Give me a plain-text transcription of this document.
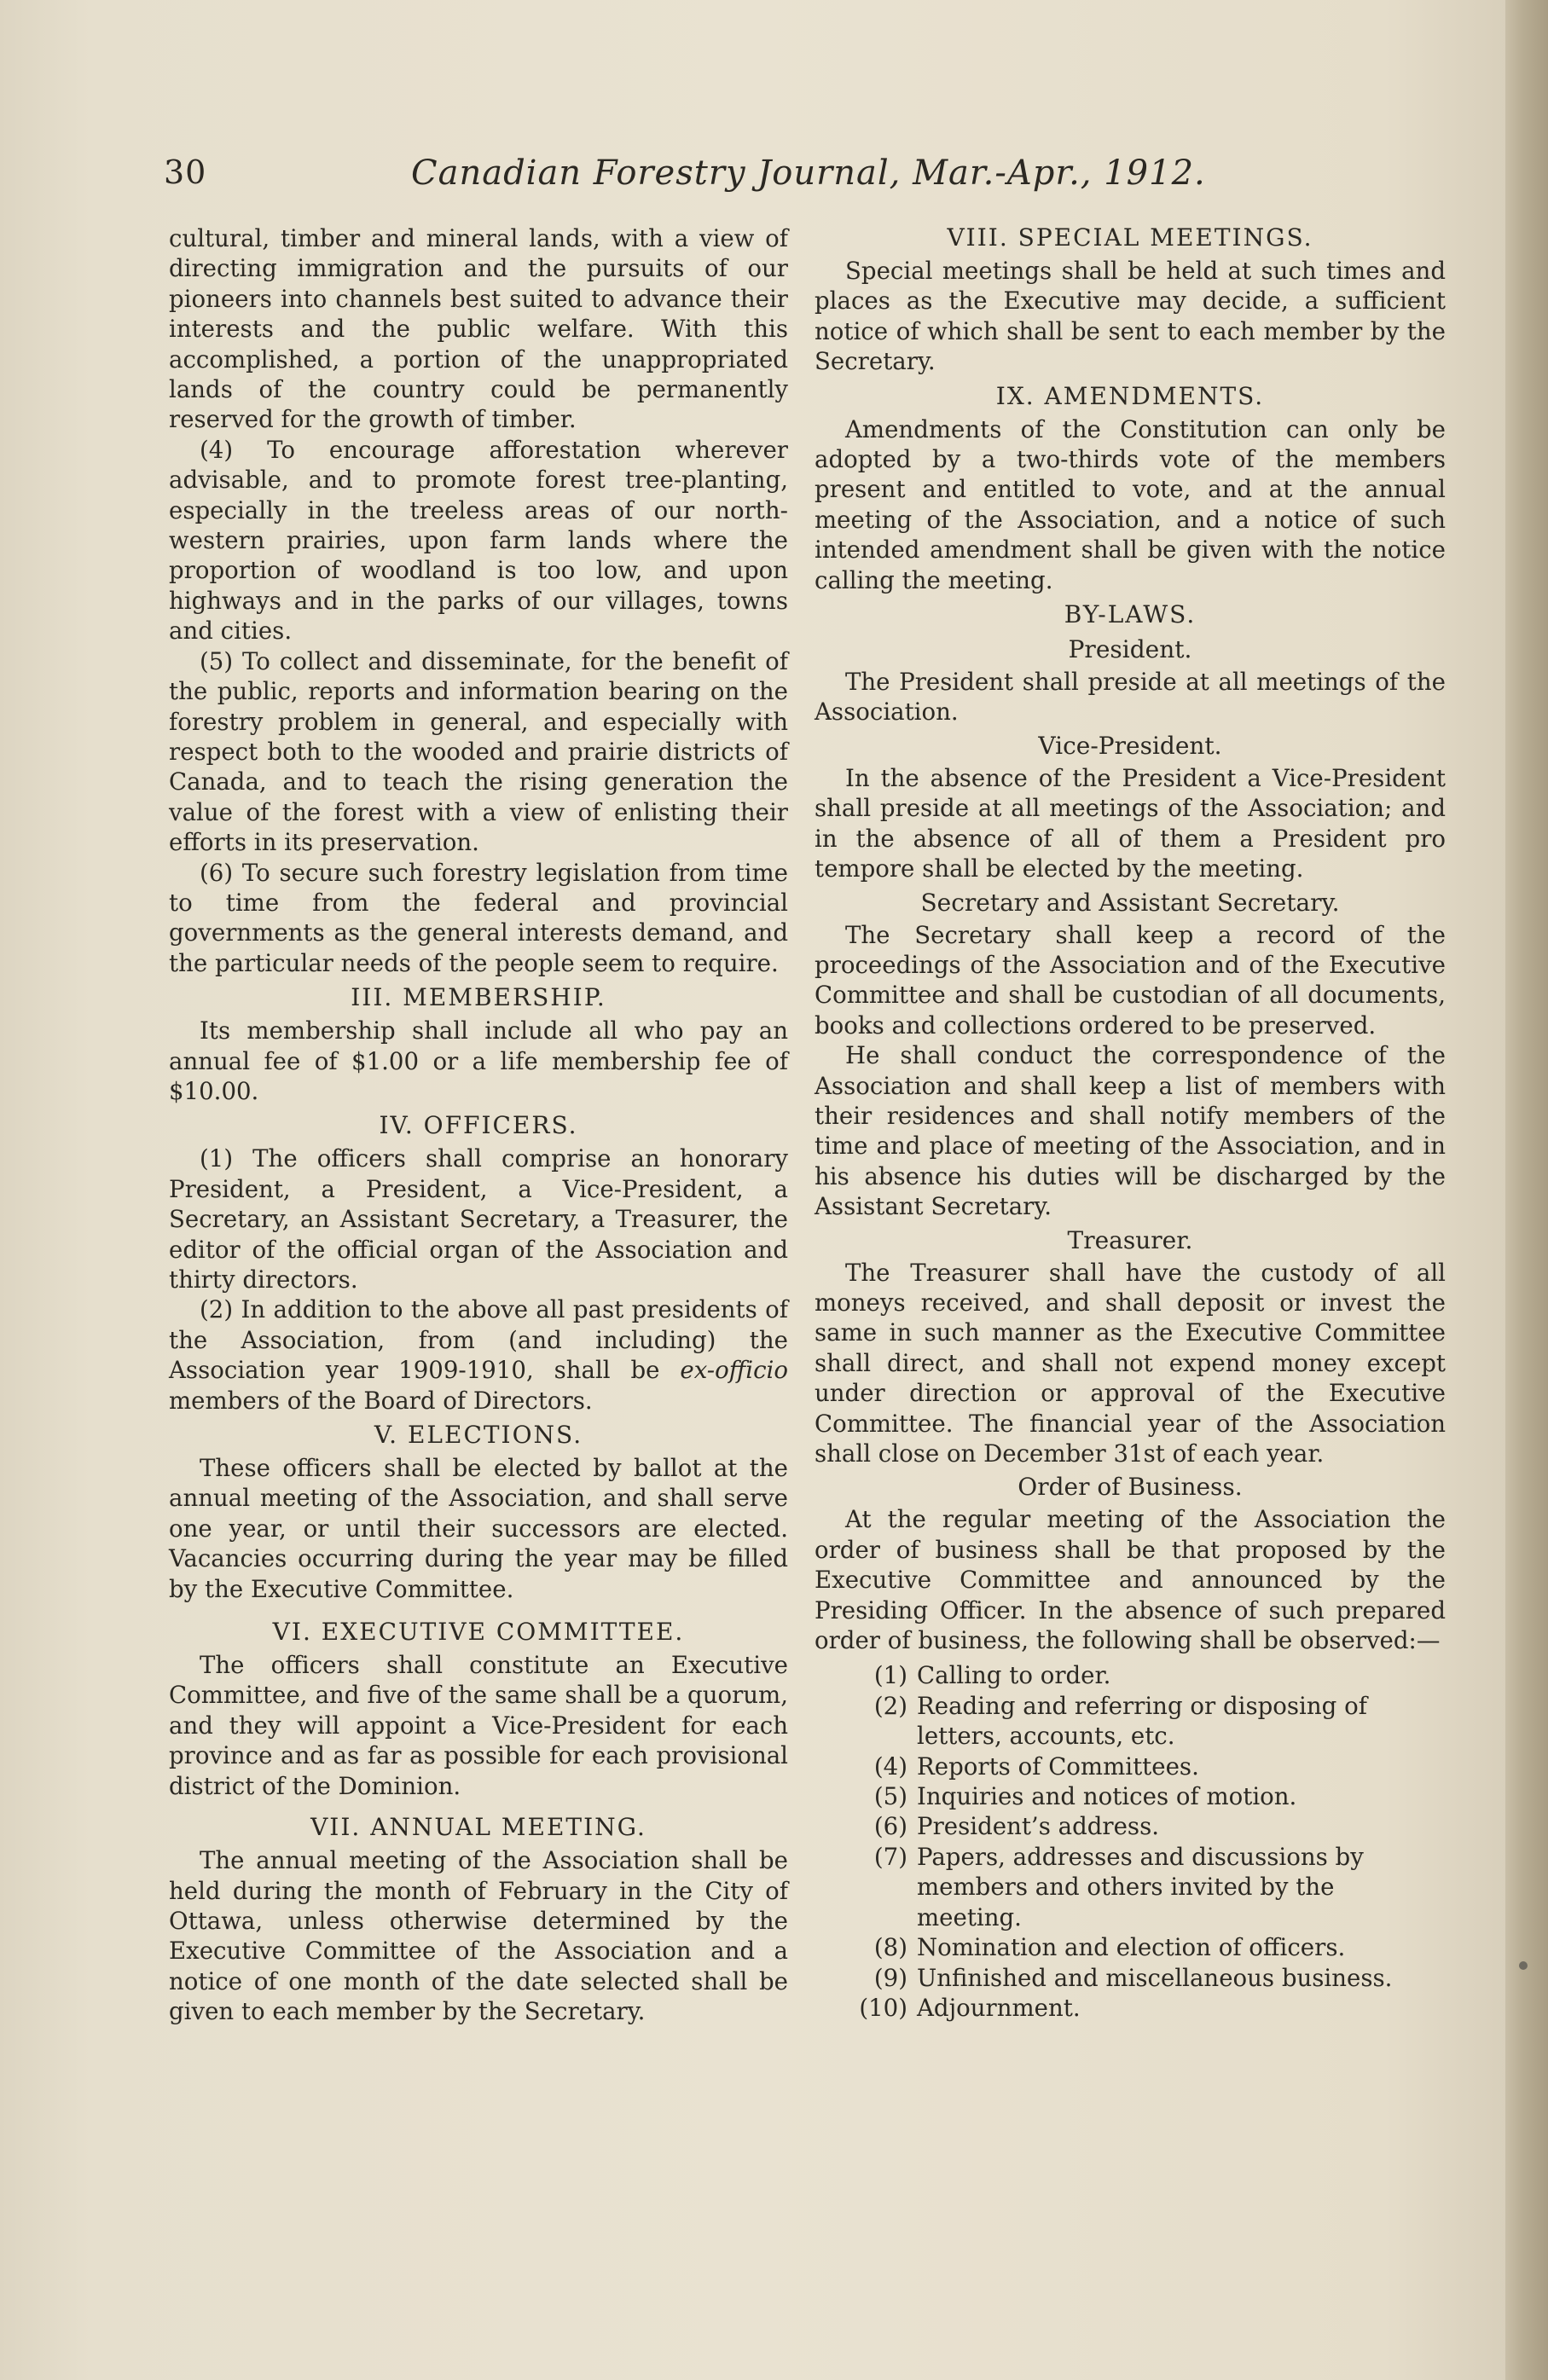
30	Canadian Forestry Journal, Mar.-Apr., 1912.

cultural, timber and mineral lands, with a view of directing immigration and the pursuits of our pioneers into channels best suited to advance their interests and the public welfare. With this accomplished, a portion of the unappropriated lands of the country could be permanently reserved for the growth of timber.

(4) To encourage afforestation wherever advisable, and to promote forest tree-planting, especially in the treeless areas of our north-western prairies, upon farm lands where the proportion of woodland is too low, and upon highways and in the parks of our villages, towns and cities.

(5) To collect and disseminate, for the benefit of the public, reports and information bearing on the forestry problem in general, and especially with respect both to the wooded and prairie districts of Canada, and to teach the rising generation the value of the forest with a view of enlisting their efforts in its preservation.

(6) To secure such forestry legislation from time to time from the federal and provincial governments as the general interests demand, and the particular needs of the people seem to require.

III. MEMBERSHIP.

Its membership shall include all who pay an annual fee of $1.00 or a life membership fee of $10.00.

IV. OFFICERS.

(1) The officers shall comprise an honorary President, a President, a Vice-President, a Secretary, an Assistant Secretary, a Treasurer, the editor of the official organ of the Association and thirty directors.

(2) In addition to the above all past presidents of the Association, from (and including) the Association year 1909-1910, shall be ex-officio members of the Board of Directors.

V. ELECTIONS.

These officers shall be elected by ballot at the annual meeting of the Association, and shall serve one year, or until their successors are elected. Vacancies occurring during the year may be filled by the Executive Committee.

VI. EXECUTIVE COMMITTEE.

The officers shall constitute an Executive Committee, and five of the same shall be a quorum, and they will appoint a Vice-President for each province and as far as possible for each provisional district of the Dominion.

VII. ANNUAL MEETING.

The annual meeting of the Association shall be held during the month of February in the City of Ottawa, unless otherwise determined by the Executive Committee of the Association and a notice of one month of the date selected shall be given to each member by the Secretary.

VIII. SPECIAL MEETINGS.

Special meetings shall be held at such times and places as the Executive may decide, a sufficient notice of which shall be sent to each member by the Secretary.

IX. AMENDMENTS.

Amendments of the Constitution can only be adopted by a two-thirds vote of the members present and entitled to vote, and at the annual meeting of the Association, and a notice of such intended amendment shall be given with the notice calling the meeting.

BY-LAWS.
President.

The President shall preside at all meetings of the Association.

Vice-President.

In the absence of the President a Vice-President shall preside at all meetings of the Association; and in the absence of all of them a President pro tempore shall be elected by the meeting.

Secretary and Assistant Secretary.

The Secretary shall keep a record of the proceedings of the Association and of the Executive Committee and shall be custodian of all documents, books and collections ordered to be preserved.

He shall conduct the correspondence of the Association and shall keep a list of members with their residences and shall notify members of the time and place of meeting of the Association, and in his absence his duties will be discharged by the Assistant Secretary.

Treasurer.

The Treasurer shall have the custody of all moneys received, and shall deposit or invest the same in such manner as the Executive Committee shall direct, and shall not expend money except under direction or approval of the Executive Committee. The financial year of the Association shall close on December 31st of each year.

Order of Business.

At the regular meeting of the Association the order of business shall be that proposed by the Executive Committee and announced by the Presiding Officer. In the absence of such prepared order of business, the following shall be observed:—

(1) Calling to order.
(2) Reading and referring or disposing of letters, accounts, etc.
(4) Reports of Committees.
(5) Inquiries and notices of motion.
(6) President’s address.
(7) Papers, addresses and discussions by members and others invited by the meeting.
(8) Nomination and election of officers.
(9) Unfinished and miscellaneous business.
(10) Adjournment.
